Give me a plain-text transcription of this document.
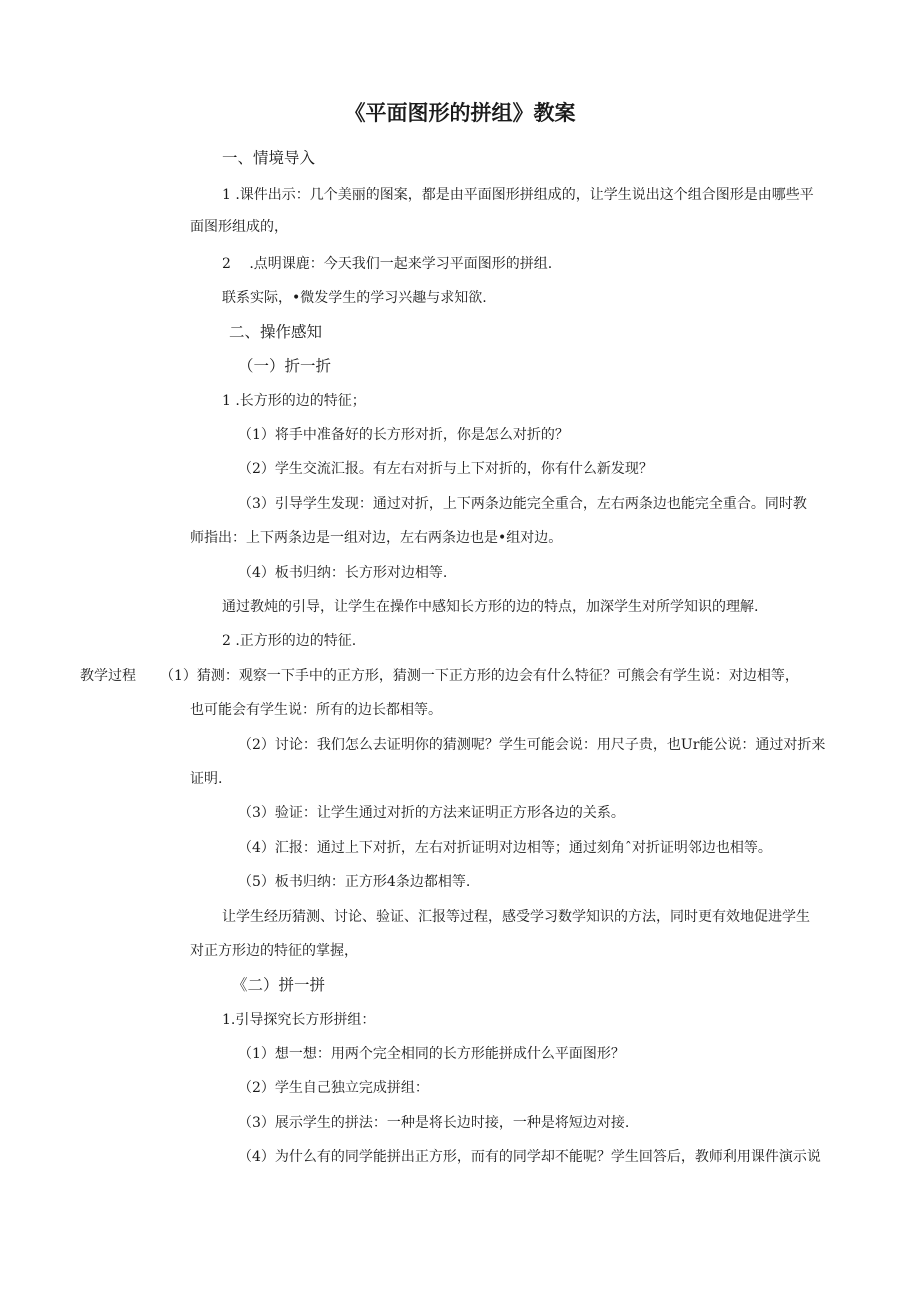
《平面图形的拼组》教案

一、情境导入

1 .课件出示：几个美丽的图案，都是由平面图形拼组成的，让学生说出这个组合图形是由哪些平

面图形组成的，

2　 .点明课鹿：今天我们一起来学习平面图形的拼组.

联系实际，•微发学生的学习兴趣与求知欲.

二、操作感知

（一）折一折

1 .长方形的边的特征；

（1）将手中准备好的长方形对折，你是怎么对折的？

（2）学生交流汇报。有左右对折与上下对折的，你有什么新发现？

（3）引导学生发现：通过对折，上下两条边能完全重合，左右两条边也能完全重合。同时教

师指出：上下两条边是一组对边，左右两条边也是•组对边。

（4）板书归纳：长方形对边相等.

通过教炖的引导，让学生在操作中感知长方形的边的特点，加深学生对所学知识的理解.

2 .正方形的边的特征.

教学过程 （1）猜测：观察一下手中的正方形，猜测一下正方形的边会有什么特征？可熊会有学生说：对边相等，

也可能会有学生说：所有的边长都相等。

（2）讨论：我们怎么去证明你的猜测呢？学生可能会说：用尺子贵，也Ur能公说：通过对折来

证明.

（3）验证：让学生通过对折的方法来证明正方形各边的关系。

（4）汇报：通过上下对折，左右对折证明对边相等；通过刻角ˆ对折证明邻边也相等。

（5）板书归纳：正方形4条边都相等.

让学生经历猜测、讨论、验证、汇报等过程，感受学习数学知识的方法，同时更有效地促进学生

对正方形边的特征的掌握，

《二）拼一拼

1.引导探究长方形拼组：

（1）想一想：用两个完全相同的长方形能拼成什么平面图形？

（2）学生自己独立完成拼组：

（3）展示学生的拼法：一种是将长边时接，一种是将短边对接.

（4）为什么有的同学能拼出正方形，而有的同学却不能呢？学生回答后，教师利用课件演示说
